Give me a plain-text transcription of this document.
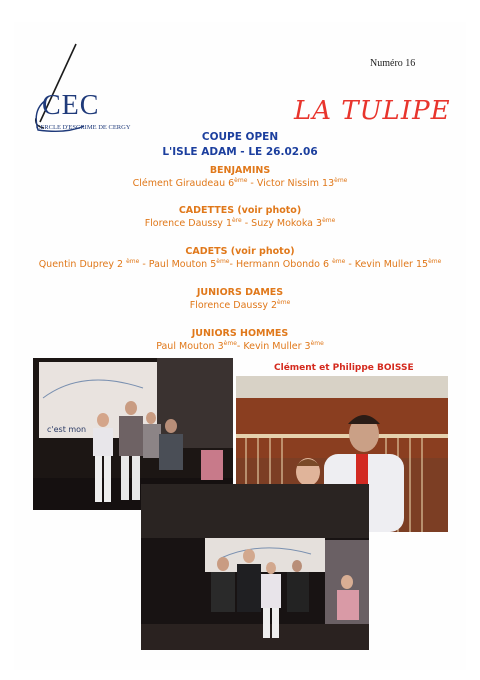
CEC
CERCLE D'ESCRIME DE CERGY
Numéro 16
LA TULIPE
COUPE OPEN
L'ISLE ADAM - LE 26.02.06
BENJAMINS
Clément Giraudeau 6ème - Victor Nissim 13ème
CADETTES (voir photo)
Florence Daussy 1ère - Suzy Mokoka 3ème
CADETS (voir photo)
Quentin Duprey 2 $^{ème}$ - Paul Mouton 5ème- Hermann Obondo 6 $^{ème}$ - Kevin Muller 15ème
JUNIORS DAMES
Florence Daussy 2ème
JUNIORS HOMMES
Paul Mouton 3ème- Kevin Muller 3ème
Clément et Philippe BOISSE
c'est mon
